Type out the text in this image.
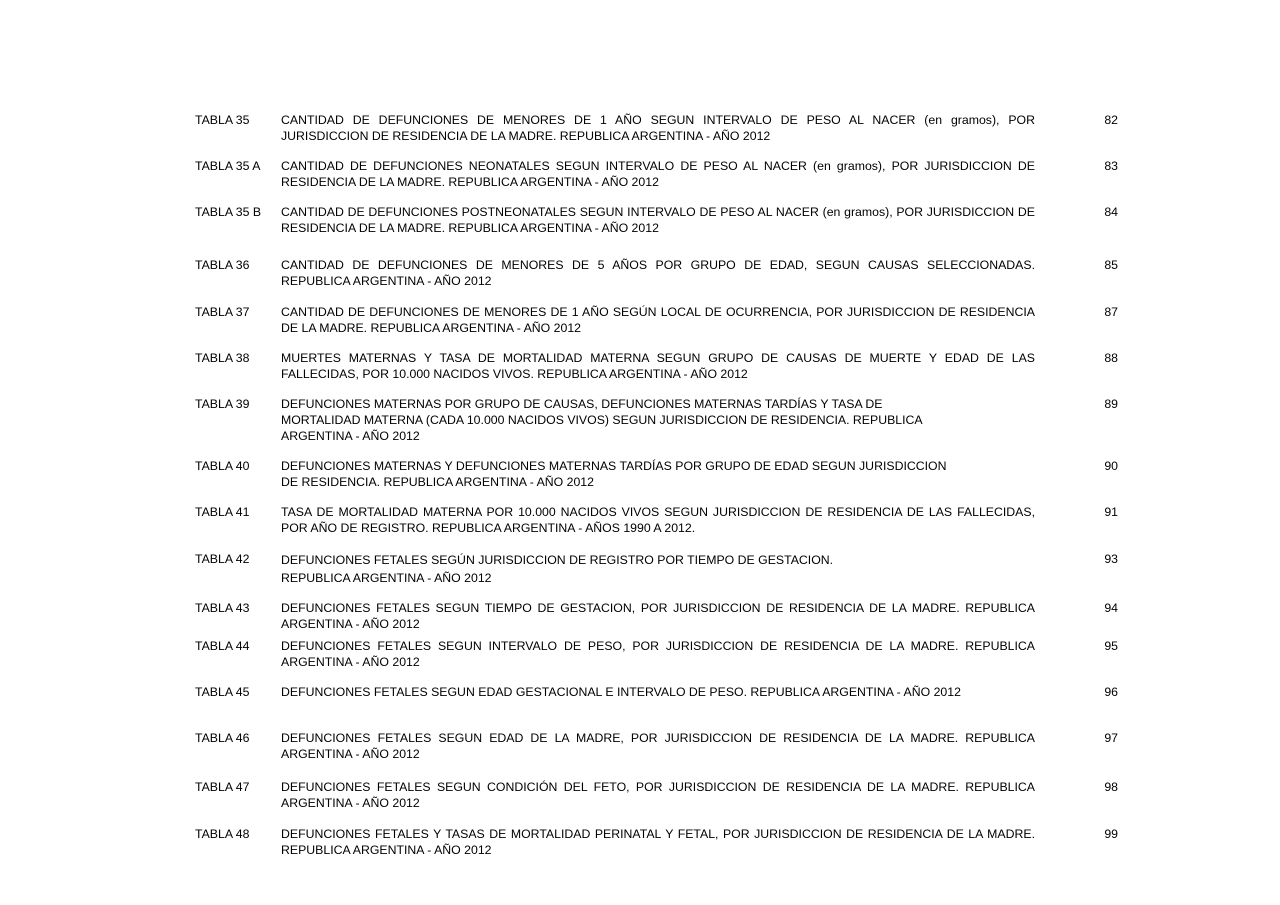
TABLA 35	CANTIDAD DE DEFUNCIONES DE MENORES DE 1 AÑO SEGUN INTERVALO DE PESO AL NACER (en gramos), POR JURISDICCION DE RESIDENCIA DE LA MADRE. REPUBLICA ARGENTINA - AÑO 2012
82
TABLA 35 A	CANTIDAD DE DEFUNCIONES NEONATALES SEGUN INTERVALO DE PESO AL NACER (en gramos), POR JURISDICCION DE RESIDENCIA DE LA MADRE. REPUBLICA ARGENTINA - AÑO 2012
83
TABLA 35 B	CANTIDAD DE DEFUNCIONES POSTNEONATALES SEGUN INTERVALO DE PESO AL NACER (en gramos), POR JURISDICCION DE RESIDENCIA DE LA MADRE. REPUBLICA ARGENTINA - AÑO 2012
84
TABLA 36	CANTIDAD DE DEFUNCIONES DE MENORES DE 5 AÑOS POR GRUPO DE EDAD, SEGUN CAUSAS SELECCIONADAS. REPUBLICA ARGENTINA - AÑO 2012
85
TABLA 37	CANTIDAD DE DEFUNCIONES DE MENORES DE 1 AÑO SEGÚN LOCAL DE OCURRENCIA, POR JURISDICCION DE RESIDENCIA DE LA MADRE. REPUBLICA ARGENTINA - AÑO 2012
87
TABLA 38	MUERTES MATERNAS Y TASA DE MORTALIDAD MATERNA SEGUN GRUPO DE CAUSAS DE MUERTE Y EDAD DE LAS FALLECIDAS, POR 10.000 NACIDOS VIVOS. REPUBLICA ARGENTINA - AÑO 2012
88
TABLA 39	DEFUNCIONES MATERNAS POR GRUPO DE CAUSAS, DEFUNCIONES MATERNAS TARDÍAS Y TASA DE
MORTALIDAD MATERNA (CADA 10.000 NACIDOS VIVOS) SEGUN JURISDICCION DE RESIDENCIA. REPUBLICA
ARGENTINA - AÑO 2012
89
TABLA 40	DEFUNCIONES MATERNAS Y DEFUNCIONES MATERNAS TARDÍAS POR GRUPO DE EDAD SEGUN JURISDICCION
DE RESIDENCIA. REPUBLICA ARGENTINA - AÑO 2012
90
TABLA 41	TASA DE MORTALIDAD MATERNA POR 10.000 NACIDOS VIVOS SEGUN JURISDICCION DE RESIDENCIA DE LAS FALLECIDAS, POR AÑO DE REGISTRO. REPUBLICA ARGENTINA - AÑOS 1990 A 2012.
91
TABLA 42	DEFUNCIONES FETALES SEGÚN JURISDICCION DE REGISTRO POR TIEMPO DE GESTACION.
REPUBLICA ARGENTINA - AÑO 2012
93
TABLA 43	DEFUNCIONES FETALES SEGUN TIEMPO DE GESTACION, POR JURISDICCION DE RESIDENCIA DE LA MADRE. REPUBLICA ARGENTINA - AÑO 2012
94
TABLA 44	DEFUNCIONES FETALES SEGUN INTERVALO DE PESO, POR JURISDICCION DE RESIDENCIA DE LA MADRE. REPUBLICA ARGENTINA - AÑO 2012
95
TABLA 45	DEFUNCIONES FETALES SEGUN EDAD GESTACIONAL E INTERVALO DE PESO. REPUBLICA ARGENTINA - AÑO 2012	96
TABLA 46	DEFUNCIONES FETALES SEGUN EDAD DE LA MADRE, POR JURISDICCION DE RESIDENCIA DE LA MADRE. REPUBLICA ARGENTINA - AÑO 2012
97
TABLA 47	DEFUNCIONES FETALES SEGUN CONDICIÓN DEL FETO, POR JURISDICCION DE RESIDENCIA DE LA MADRE. REPUBLICA ARGENTINA - AÑO 2012
98
TABLA 48	DEFUNCIONES FETALES Y TASAS DE MORTALIDAD PERINATAL Y FETAL, POR JURISDICCION DE RESIDENCIA DE LA MADRE. REPUBLICA ARGENTINA - AÑO 2012
99
